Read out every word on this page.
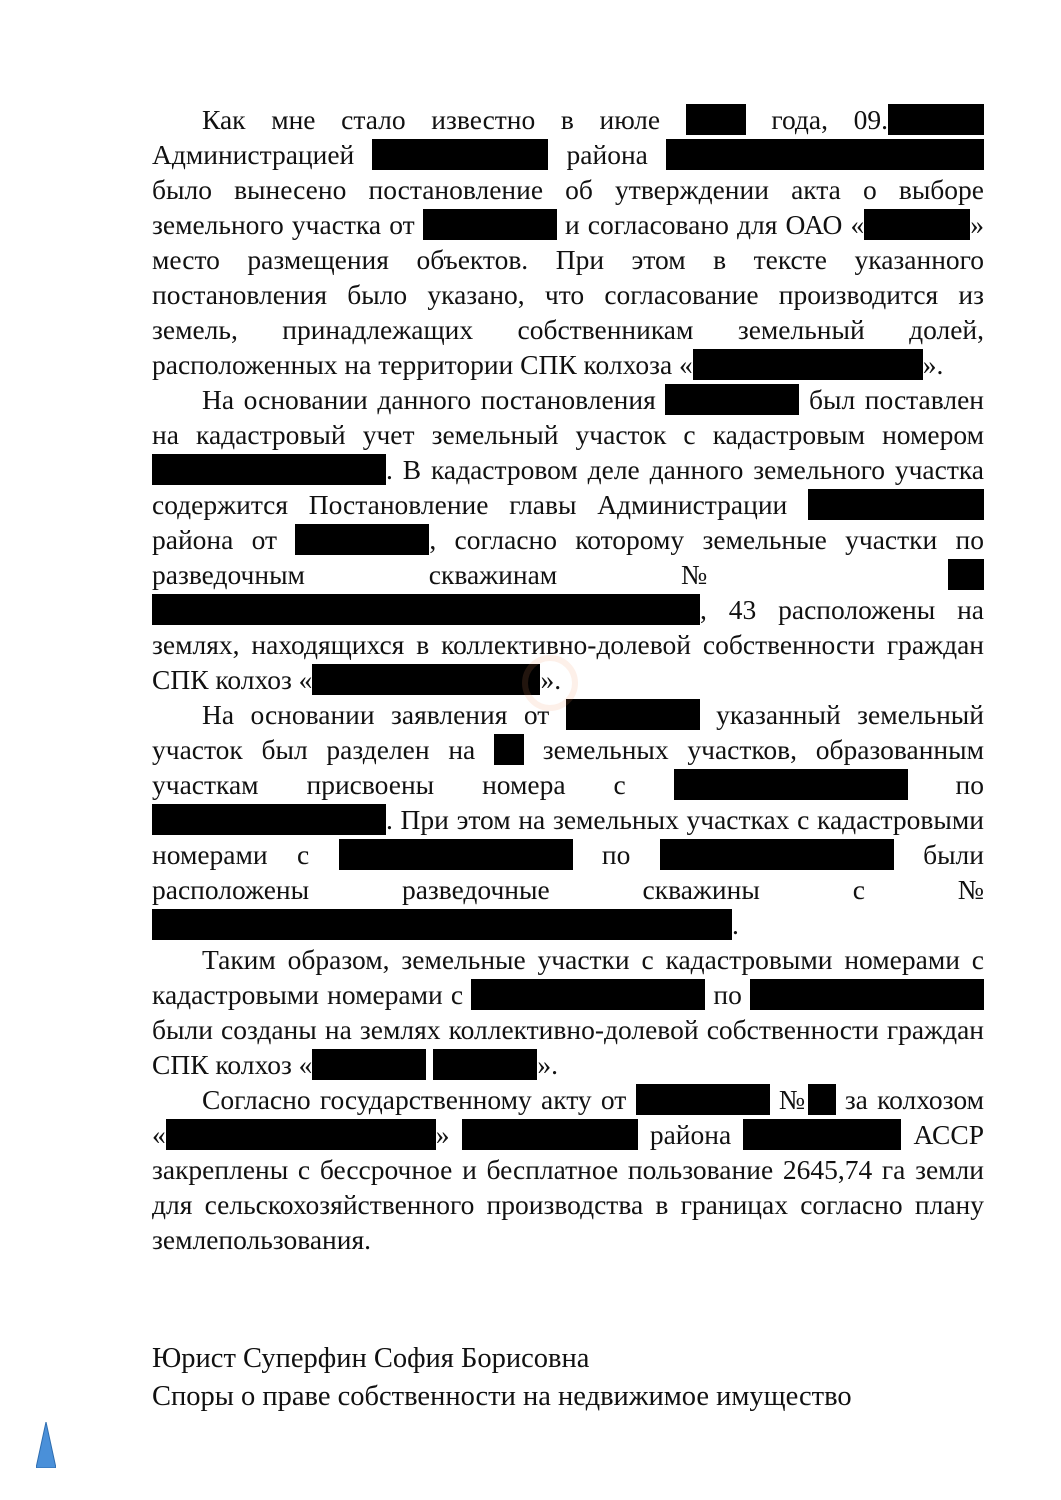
Как мне стало известно в июле	года, 09. Администрацией	района  было вынесено постановление об утверждении акта о выборе земельного участка от	и согласовано для ОАО «	» место размещения объектов. При этом в тексте указанного постановления было указано, что согласование производится из земель, принадлежащих собственникам земельный долей, расположенных на территории СПК колхоза «	».

На основании данного постановления	был поставлен на кадастровый учет земельный участок с кадастровым номером . В кадастровом деле данного земельного участка содержится Постановление главы Администрации  района от	, согласно которому земельные участки по разведочным скважинам №  , 43 расположены на землях, находящихся в коллективно-долевой собственности граждан СПК колхоз «	».

На основании заявления от	указанный земельный участок был разделен на земельных участков, образованным участкам присвоены номера с	по . При этом на земельных участках с кадастровыми номерами с	по	были расположены разведочные скважины с № .

Таким образом, земельные участки с кадастровыми номерами с кадастровыми номерами с	по  были созданы на землях коллективно-долевой собственности граждан СПК колхоз «	».

Согласно государственному акту от	№ за колхозом «	»	района	АССР закреплены с бессрочное и бесплатное пользование 2645,74 га земли для сельскохозяйственного производства в границах согласно плану землепользования.

Юрист Суперфин София Борисовна
Споры о праве собственности на недвижимое имущество
